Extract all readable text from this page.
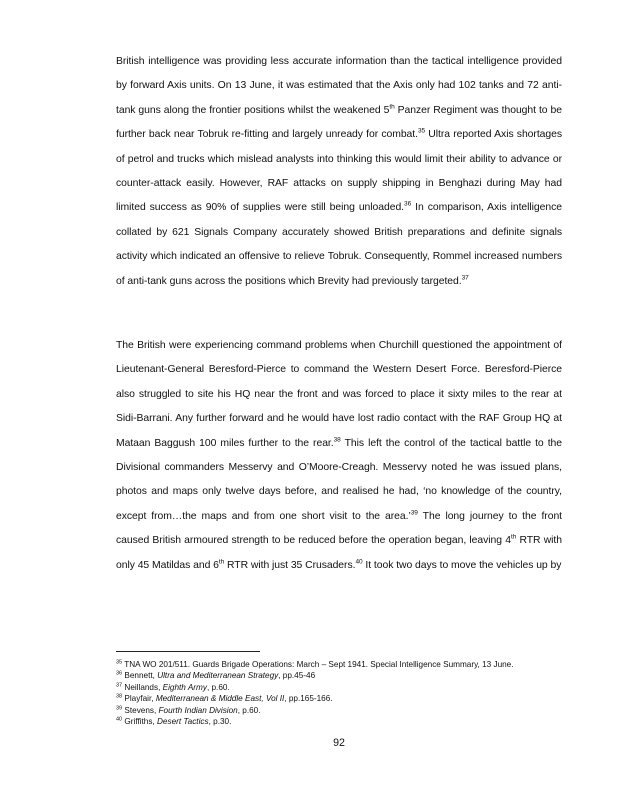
British intelligence was providing less accurate information than the tactical intelligence provided by forward Axis units. On 13 June, it was estimated that the Axis only had 102 tanks and 72 anti-tank guns along the frontier positions whilst the weakened 5th Panzer Regiment was thought to be further back near Tobruk re-fitting and largely unready for combat.$^{35}$ Ultra reported Axis shortages of petrol and trucks which mislead analysts into thinking this would limit their ability to advance or counter-attack easily. However, RAF attacks on supply shipping in Benghazi during May had limited success as 90% of supplies were still being unloaded.$^{36}$ In comparison, Axis intelligence collated by 621 Signals Company accurately showed British preparations and definite signals activity which indicated an offensive to relieve Tobruk. Consequently, Rommel increased numbers of anti-tank guns across the positions which Brevity had previously targeted.$^{37}$

The British were experiencing command problems when Churchill questioned the appointment of Lieutenant-General Beresford-Pierce to command the Western Desert Force. Beresford-Pierce also struggled to site his HQ near the front and was forced to place it sixty miles to the rear at Sidi-Barrani. Any further forward and he would have lost radio contact with the RAF Group HQ at Mataan Baggush 100 miles further to the rear.$^{38}$ This left the control of the tactical battle to the Divisional commanders Messervy and O’Moore-Creagh. Messervy noted he was issued plans, photos and maps only twelve days before, and realised he had, ‘no knowledge of the country, except from…the maps and from one short visit to the area.’$^{39}$ The long journey to the front caused British armoured strength to be reduced before the operation began, leaving 4th RTR with only 45 Matildas and 6th RTR with just 35 Crusaders.$^{40}$ It took two days to move the vehicles up by

$^{35}$ TNA WO 201/511. Guards Brigade Operations: March – Sept 1941. Special Intelligence Summary, 13 June.
$^{36}$ Bennett, Ultra and Mediterranean Strategy, pp.45-46
$^{37}$ Neillands, Eighth Army, p.60.
$^{38}$ Playfair, Mediterranean & Middle East, Vol II, pp.165-166.
$^{39}$ Stevens, Fourth Indian Division, p.60.
$^{40}$ Griffiths, Desert Tactics, p.30.
92
